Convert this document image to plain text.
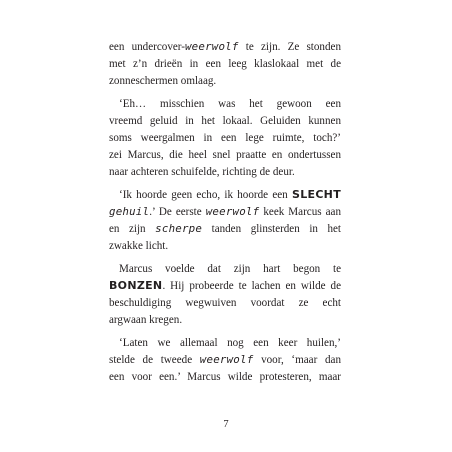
een undercover-weerwolf te zijn. Ze stonden
met z’n drieën in een leeg klaslokaal met de
zonneschermen omlaag.
‘Eh… misschien was het gewoon een
vreemd geluid in het lokaal. Geluiden kunnen
soms weergalmen in een lege ruimte, toch?’
zei Marcus, die heel snel praatte en ondertussen
naar achteren schuifelde, richting de deur.
‘Ik hoorde geen echo, ik hoorde een SLECHT
gehuil.’ De eerste weerwolf keek Marcus aan
en zijn scherpe tanden glinsterden in het
zwakke licht.
Marcus voelde dat zijn hart begon te
BONZEN. Hij probeerde te lachen en wilde de
beschuldiging wegwuiven voordat ze echt
argwaan kregen.
‘Laten we allemaal nog een keer huilen,’
stelde de tweede weerwolf voor, ‘maar dan
een voor een.’ Marcus wilde protesteren, maar
7
